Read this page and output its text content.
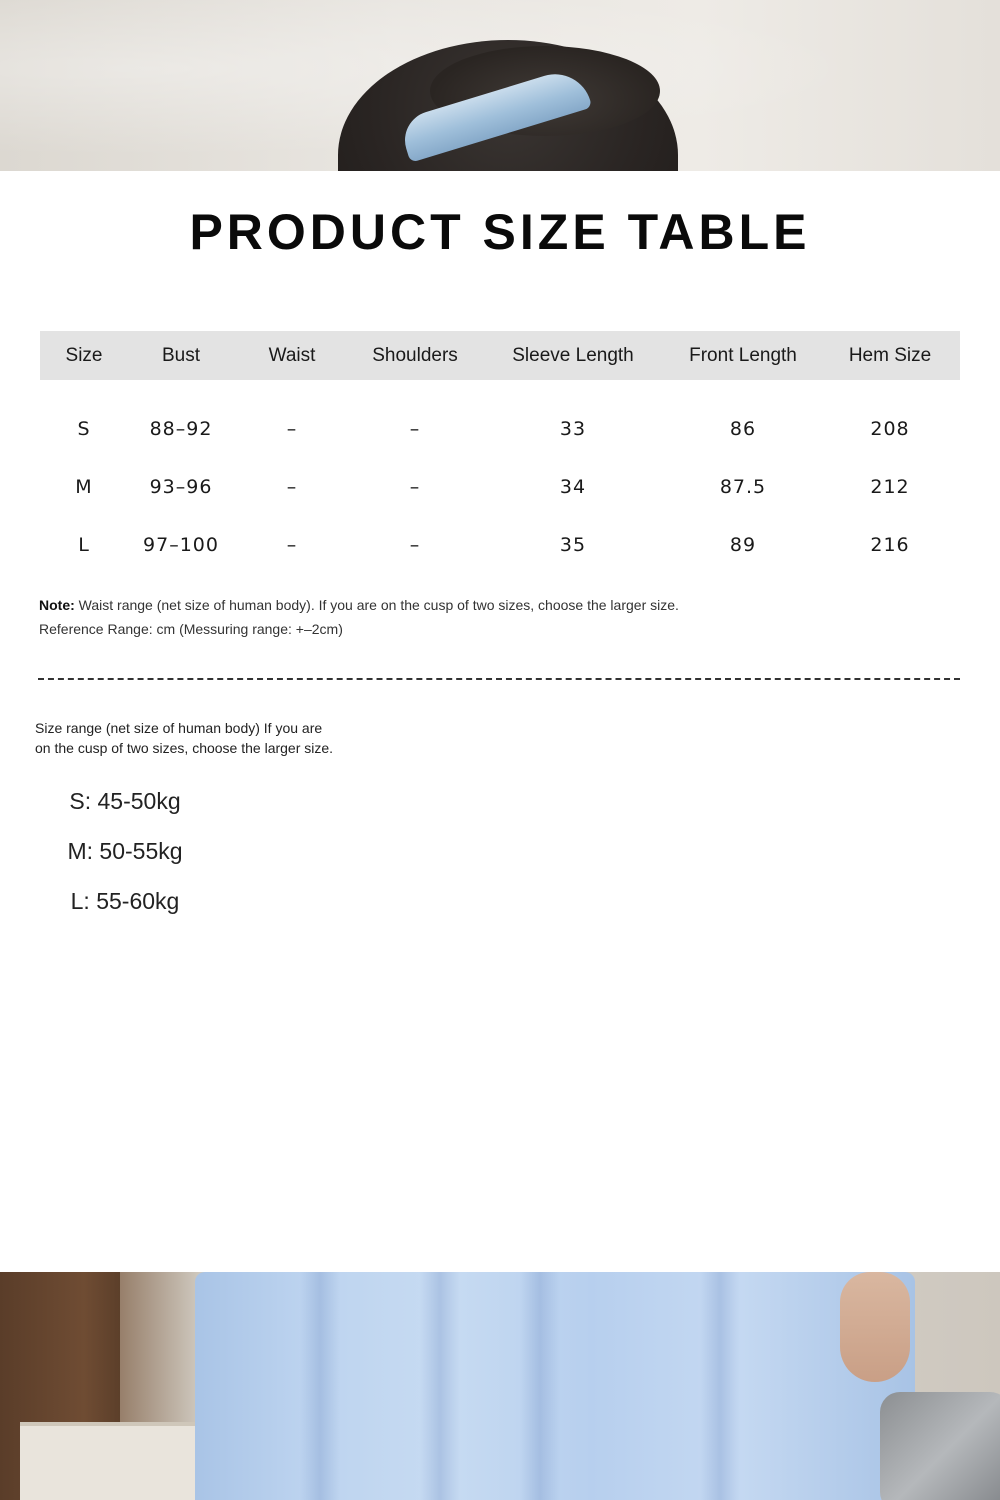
PRODUCT SIZE TABLE
Size	Bust	Waist	Shoulders	Sleeve Length	Front Length	Hem Size
S	88–92	–	–	33	86	208
M	93–96	–	–	34	87.5	212
L	97–100	–	–	35	89	216

Note: Waist range (net size of human body). If you are on the cusp of two sizes, choose the larger size.

Reference Range: cm (Messuring range: +–2cm)

Size range (net size of human body) If you are
on the cusp of two sizes, choose the larger size.
S: 45-50kg
M: 50-55kg
L: 55-60kg
